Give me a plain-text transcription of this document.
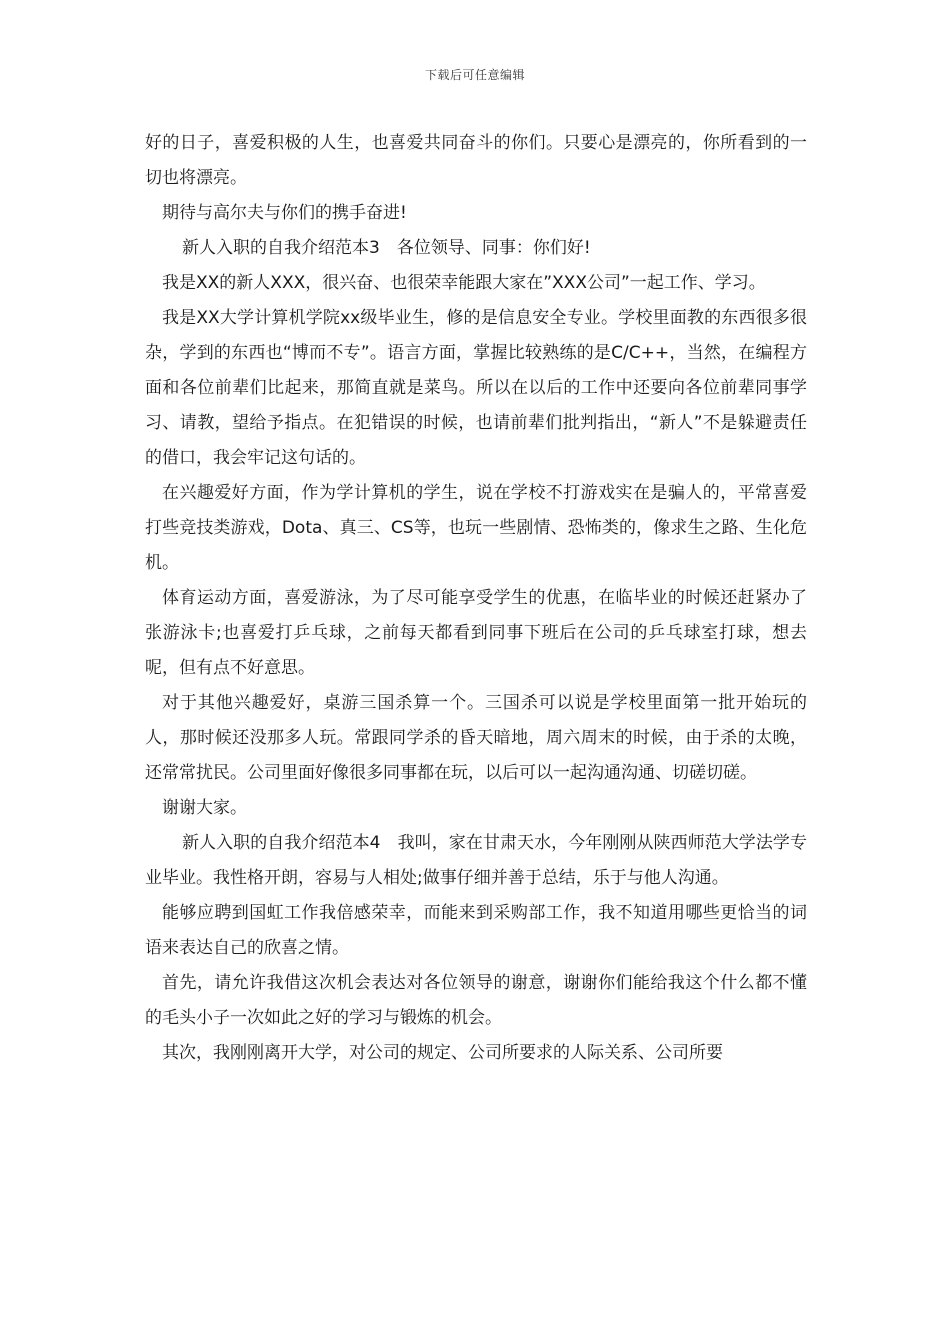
下载后可任意编辑

好的日子，喜爱积极的人生，也喜爱共同奋斗的你们。只要心是漂亮的，你所看到的一切也将漂亮。

期待与高尔夫与你们的携手奋进!

新人入职的自我介绍范本3　各位领导、同事：你们好!

我是XX的新人XXX，很兴奋、也很荣幸能跟大家在”XXX公司”一起工作、学习。

我是XX大学计算机学院xx级毕业生，修的是信息安全专业。学校里面教的东西很多很杂，学到的东西也“博而不专”。语言方面，掌握比较熟练的是C/C++，当然，在编程方面和各位前辈们比起来，那简直就是菜鸟。所以在以后的工作中还要向各位前辈同事学习、请教，望给予指点。在犯错误的时候，也请前辈们批判指出，“新人”不是躲避责任的借口，我会牢记这句话的。

在兴趣爱好方面，作为学计算机的学生，说在学校不打游戏实在是骗人的，平常喜爱打些竞技类游戏，Dota、真三、CS等，也玩一些剧情、恐怖类的，像求生之路、生化危机。

体育运动方面，喜爱游泳，为了尽可能享受学生的优惠，在临毕业的时候还赶紧办了张游泳卡;也喜爱打乒乓球，之前每天都看到同事下班后在公司的乒乓球室打球，想去呢，但有点不好意思。

对于其他兴趣爱好，桌游三国杀算一个。三国杀可以说是学校里面第一批开始玩的人，那时候还没那多人玩。常跟同学杀的昏天暗地，周六周末的时候，由于杀的太晚，还常常扰民。公司里面好像很多同事都在玩，以后可以一起沟通沟通、切磋切磋。

谢谢大家。

新人入职的自我介绍范本4　我叫，家在甘肃天水，今年刚刚从陕西师范大学法学专业毕业。我性格开朗，容易与人相处;做事仔细并善于总结，乐于与他人沟通。

能够应聘到国虹工作我倍感荣幸，而能来到采购部工作，我不知道用哪些更恰当的词语来表达自己的欣喜之情。

首先，请允许我借这次机会表达对各位领导的谢意，谢谢你们能给我这个什么都不懂的毛头小子一次如此之好的学习与锻炼的机会。

其次，我刚刚离开大学，对公司的规定、公司所要求的人际关系、公司所要
